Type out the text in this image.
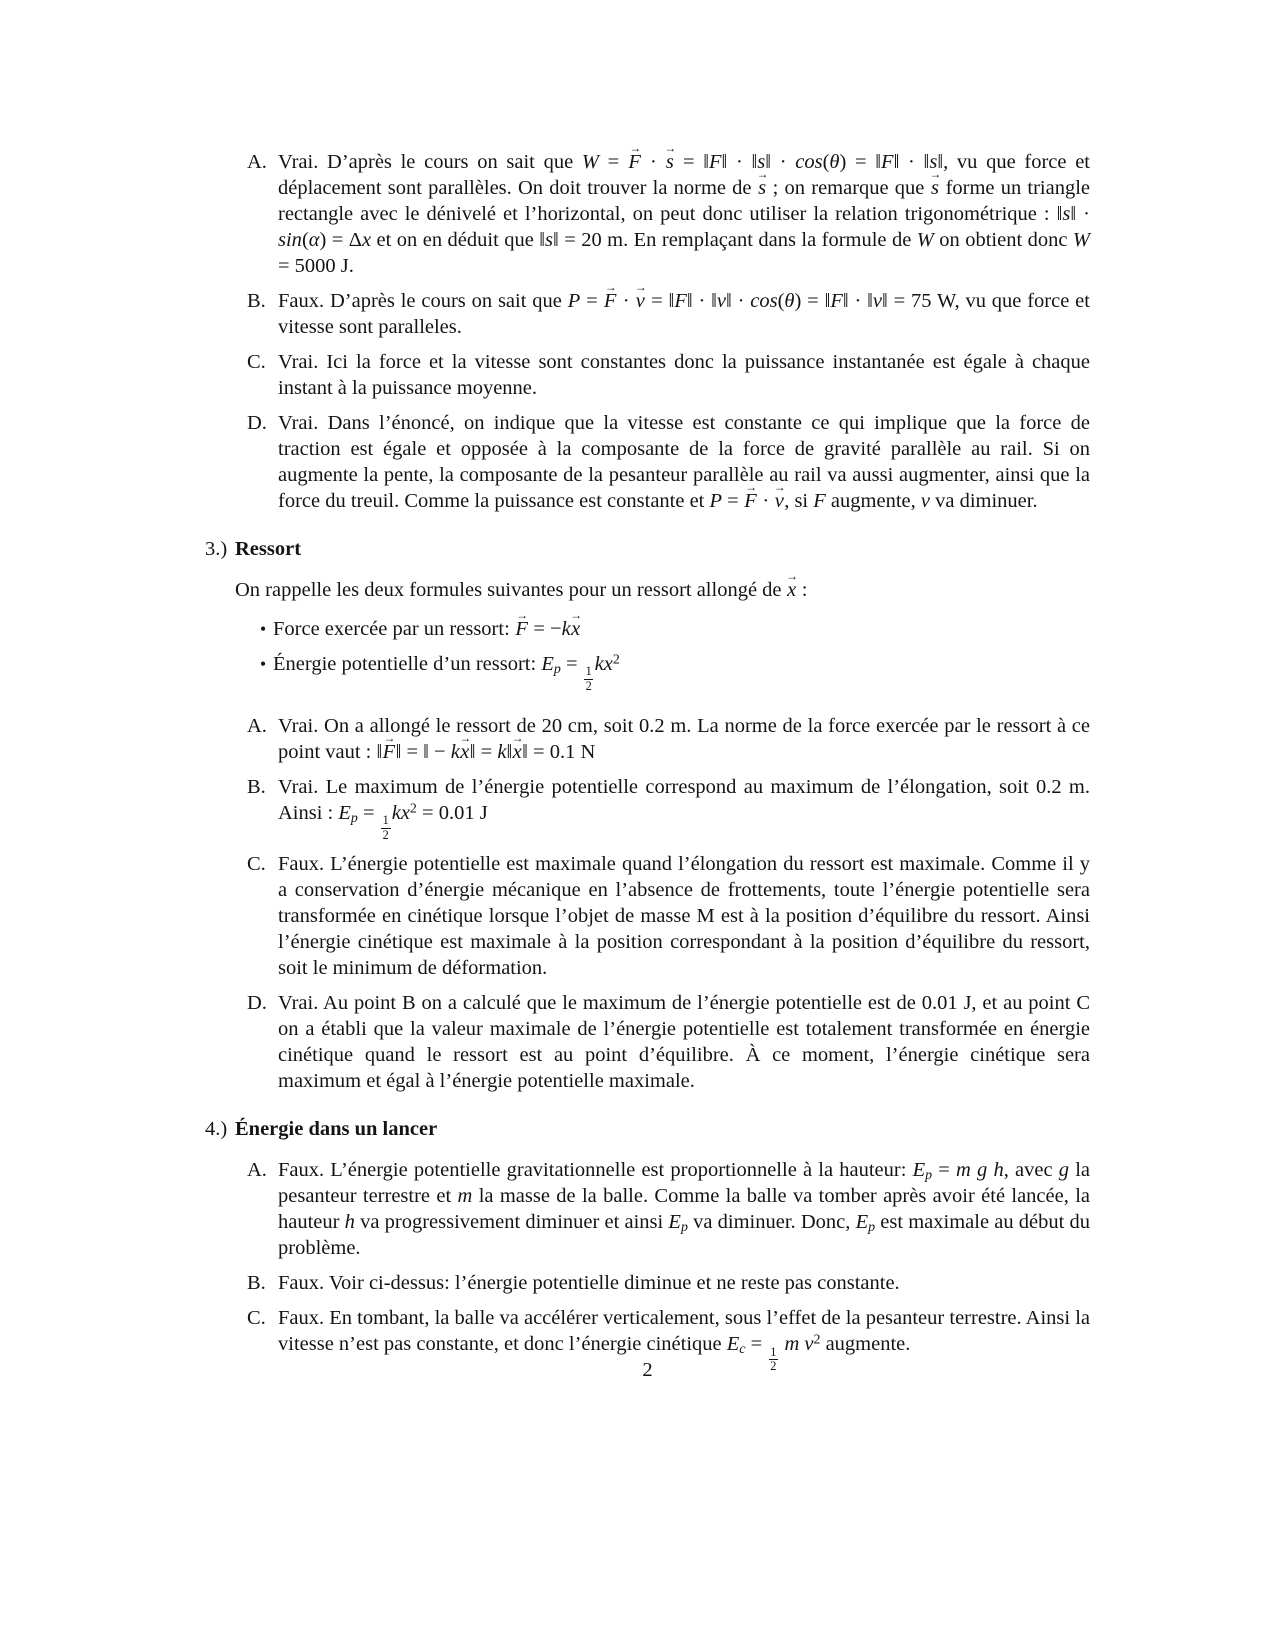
A. Vrai. D’après le cours on sait que W = F → · s → = ‖F‖ · ‖s‖ · cos(θ) = ‖F‖ · ‖s‖, vu que force et déplacement sont parallèles. On doit trouver la norme de s → ; on remarque que s → forme un triangle rectangle avec le dénivelé et l’horizontal, on peut donc utiliser la relation trigonométrique : ‖s‖ · sin(α) = Δx et on en déduit que ‖s‖ = 20 m. En remplaçant dans la formule de W on obtient donc W = 5000 J.
B. Faux. D’après le cours on sait que P = F → · v → = ‖F‖ · ‖v‖ · cos(θ) = ‖F‖ · ‖v‖ = 75 W, vu que force et vitesse sont paralleles.
C. Vrai. Ici la force et la vitesse sont constantes donc la puissance instantanée est égale à chaque instant à la puissance moyenne.
D. Vrai. Dans l’énoncé, on indique que la vitesse est constante ce qui implique que la force de traction est égale et opposée à la composante de la force de gravité parallèle au rail. Si on augmente la pente, la composante de la pesanteur parallèle au rail va aussi augmenter, ainsi que la force du treuil. Comme la puissance est constante et P = F → · v →, si F augmente, v va diminuer.
3.) Ressort

On rappelle les deux formules suivantes pour un ressort allongé de x → :

• Force exercée par un ressort: F → = −kx →
• Énergie potentielle d’un ressort: $E_p$ =
$\frac{1}{2}$
$kx^2$
A. Vrai. On a allongé le ressort de 20 cm, soit 0.2 m. La norme de la force exercée par le ressort à ce point vaut : ‖F →‖ = ‖ − kx →‖ = k‖x →‖ = 0.1 N
B. Vrai. Le maximum de l’énergie potentielle correspond au maximum de l’élongation, soit 0.2 m. Ainsi : $E_p$ =
$\frac{1}{2}$
$kx^2 = 0.01$ J
C. Faux. L’énergie potentielle est maximale quand l’élongation du ressort est maximale. Comme il y a conservation d’énergie mécanique en l’absence de frottements, toute l’énergie potentielle sera transformée en cinétique lorsque l’objet de masse M est à la position d’équilibre du ressort. Ainsi l’énergie cinétique est maximale à la position correspondant à la position d’équilibre du ressort, soit le minimum de déformation.
D. Vrai. Au point B on a calculé que le maximum de l’énergie potentielle est de 0.01 J, et au point C on a établi que la valeur maximale de l’énergie potentielle est totalement transformée en énergie cinétique quand le ressort est au point d’équilibre. À ce moment, l’énergie cinétique sera maximum et égal à l’énergie potentielle maximale.
4.) Énergie dans un lancer
A. Faux. L’énergie potentielle gravitationnelle est proportionnelle à la hauteur: $E_p = m$ g h, avec g la pesanteur terrestre et m la masse de la balle. Comme la balle va tomber après avoir été lancée, la hauteur h va progressivement diminuer et ainsi $E_p$ va diminuer. Donc, $E_p$ est maximale au début du problème.
B. Faux. Voir ci-dessus: l’énergie potentielle diminue et ne reste pas constante.
C. Faux. En tombant, la balle va accélérer verticalement, sous l’effet de la pesanteur terrestre. Ainsi la vitesse n’est pas constante, et donc l’énergie cinétique $E_c$ =
$\frac{1}{2}$
m $v^2$ augmente.
2
